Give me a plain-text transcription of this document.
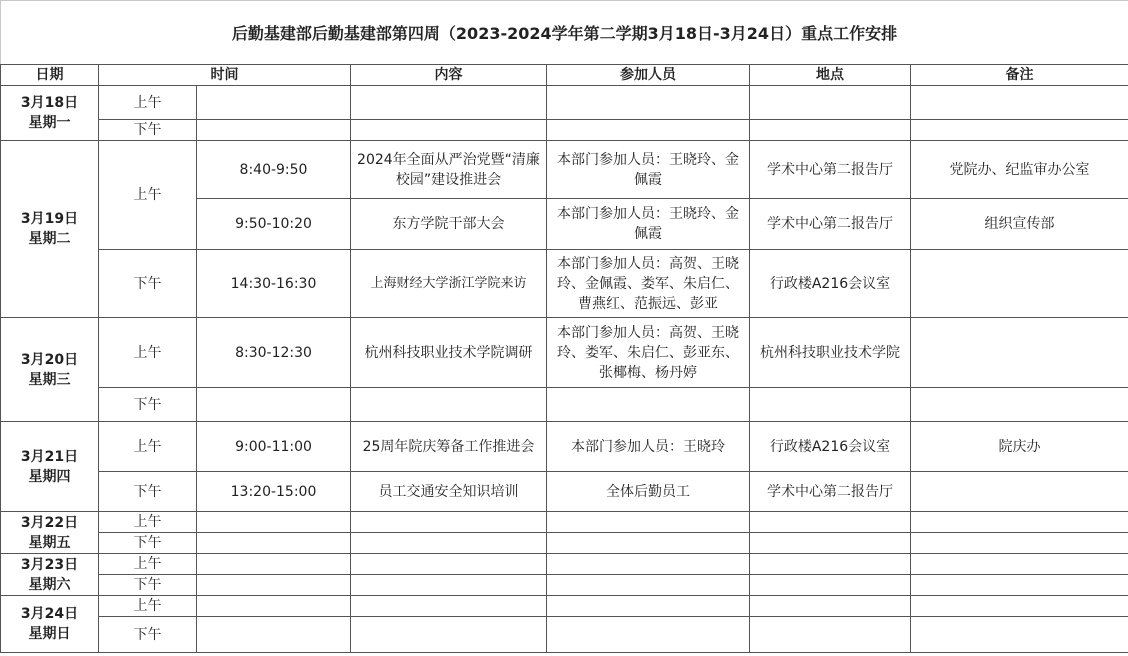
后勤基建部后勤基建部第四周（2023-2024学年第二学期3月18日-3月24日）重点工作安排
日期	时间		内容	参加人员	地点	备注
3月18日
星期一	上午					
	下午					
3月19日
星期二	上午	8:40-9:50	2024年全面从严治党暨“清廉校园”建设推进会	本部门参加人员：王晓玲、金佩霞	学术中心第二报告厅	党院办、纪监审办公室
		9:50-10:20	东方学院干部大会	本部门参加人员：王晓玲、金佩霞	学术中心第二报告厅	组织宣传部
	下午	14:30-16:30	上海财经大学浙江学院来访	本部门参加人员：高贺、王晓玲、金佩霞、娄军、朱启仁、曹燕红、范振远、彭亚	行政楼A216会议室	
3月20日
星期三	上午	8:30-12:30	杭州科技职业技术学院调研	本部门参加人员：高贺、王晓玲、娄军、朱启仁、彭亚东、张椰梅、杨丹婷	杭州科技职业技术学院	
	下午					
3月21日
星期四	上午	9:00-11:00	25周年院庆筹备工作推进会	本部门参加人员：王晓玲	行政楼A216会议室	院庆办
	下午	13:20-15:00	员工交通安全知识培训	全体后勤员工	学术中心第二报告厅	
3月22日
星期五	上午					
	下午					
3月23日
星期六	上午					
	下午					
3月24日
星期日	上午					
	下午					
